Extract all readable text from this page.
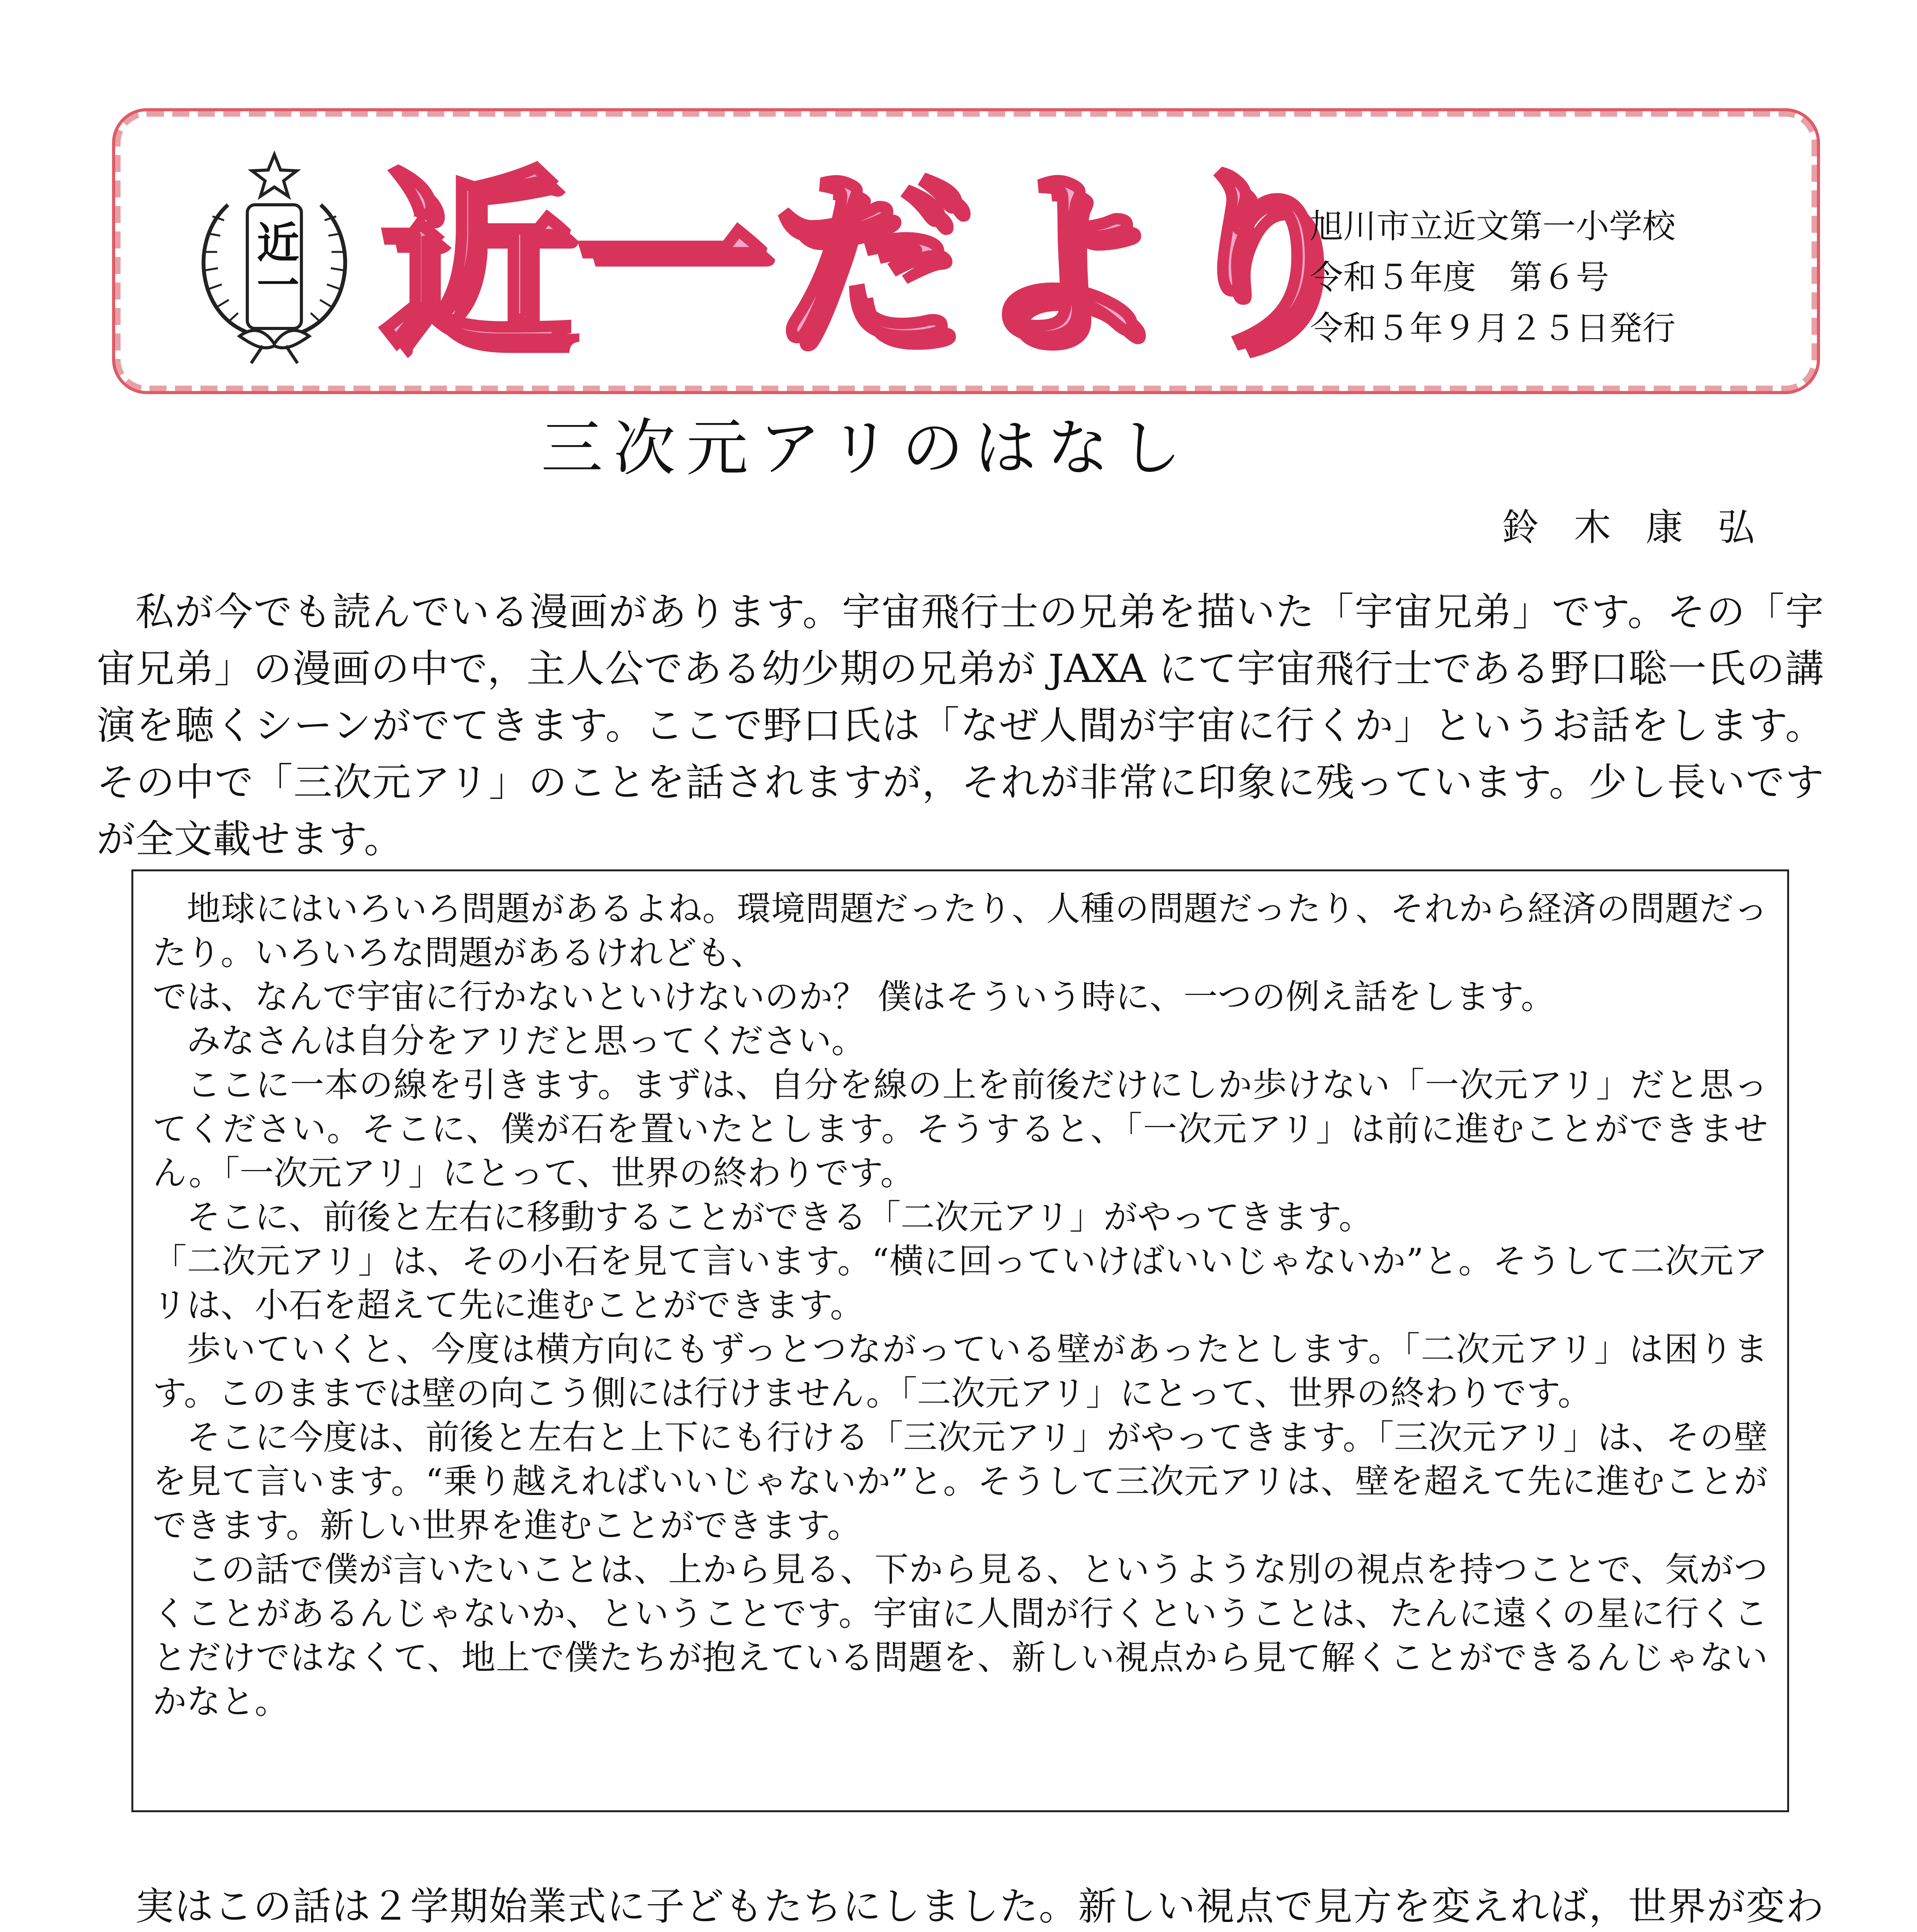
近一 近一だより
旭川市立近文第一小学校
令和５年度　第６号
令和５年９月２５日発行
三次元アリのはなし
鈴木康弘

私が今でも読んでいる漫画があります。宇宙飛行士の兄弟を描いた「宇宙兄弟」です。その「宇宙兄弟」の漫画の中で，主人公である幼少期の兄弟が JAXA にて宇宙飛行士である野口聡一氏の講演を聴くシーンがでてきます。ここで野口氏は「なぜ人間が宇宙に行くか」というお話をします。その中で「三次元アリ」のことを話されますが，それが非常に印象に残っています。少し長いですが全文載せます。

地球にはいろいろ問題があるよね。環境問題だったり、人種の問題だったり、それから経済の問題だったり。いろいろな問題があるけれども、

では、なんで宇宙に行かないといけないのか？ 僕はそういう時に、一つの例え話をします。

みなさんは自分をアリだと思ってください。

ここに一本の線を引きます。まずは、自分を線の上を前後だけにしか歩けない「一次元アリ」だと思ってください。そこに、僕が石を置いたとします。そうすると、「一次元アリ」は前に進むことができません。「一次元アリ」にとって、世界の終わりです。

そこに、前後と左右に移動することができる「二次元アリ」がやってきます。

「二次元アリ」は、その小石を見て言います。“横に回っていけばいいじゃないか”と。そうして二次元アリは、小石を超えて先に進むことができます。

歩いていくと、今度は横方向にもずっとつながっている壁があったとします。「二次元アリ」は困ります。このままでは壁の向こう側には行けません。「二次元アリ」にとって、世界の終わりです。

そこに今度は、前後と左右と上下にも行ける「三次元アリ」がやってきます。「三次元アリ」は、その壁を見て言います。“乗り越えればいいじゃないか”と。そうして三次元アリは、壁を超えて先に進むことができます。新しい世界を進むことができます。

この話で僕が言いたいことは、上から見る、下から見る、というような別の視点を持つことで、気がつくことがあるんじゃないか、ということです。宇宙に人間が行くということは、たんに遠くの星に行くことだけではなくて、地上で僕たちが抱えている問題を、新しい視点から見て解くことができるんじゃないかなと。

実はこの話は２学期始業式に子どもたちにしました。新しい視点で見方を変えれば，世界が変わ
